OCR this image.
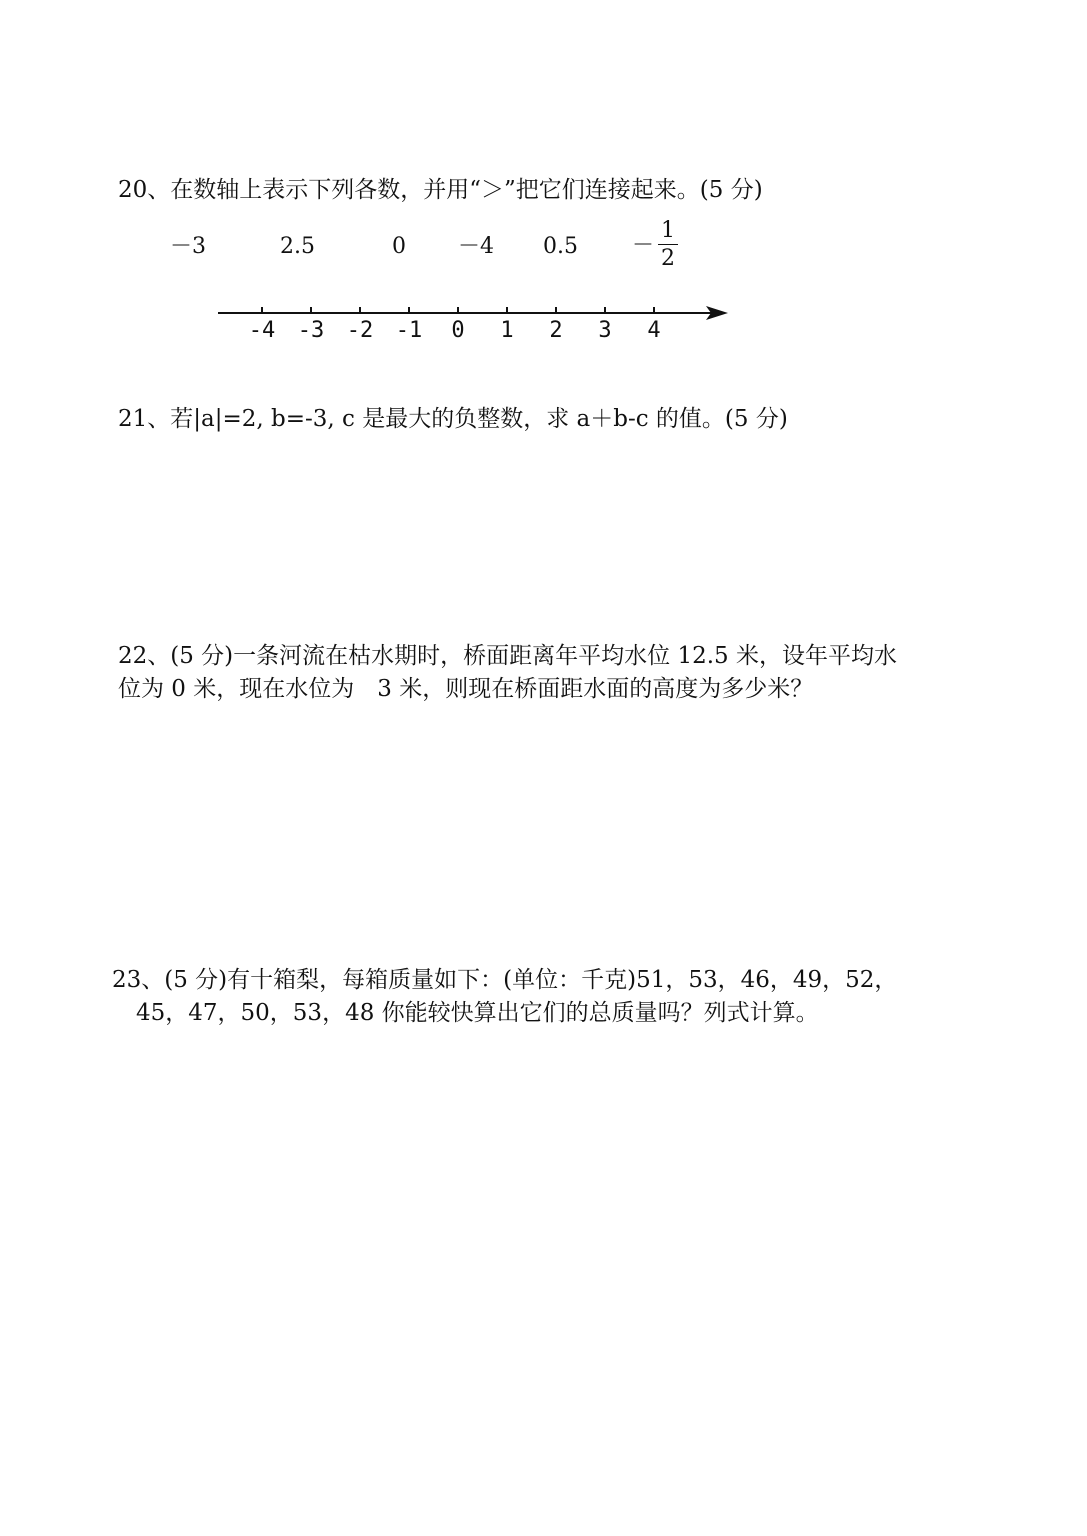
20、在数轴上表示下列各数，并用“＞”把它们连接起来。(5 分)
－3	2.5	0 －4 $0.5 - \frac{1}{2}$
-4 -3 -2 -1 0 1 2 3 4
21、若|a|=2, b=-3, c 是最大的负整数，求 a＋b-c 的值。(5 分)
22、(5 分)一条河流在枯水期时，桥面距离年平均水位 12.5 米，设年平均水
位为 0 米，现在水位为　3 米，则现在桥面距水面的高度为多少米？
23、(5 分)有十箱梨，每箱质量如下：(单位：千克)51，53，46，49，52，
45，47，50，53，48 你能较快算出它们的总质量吗？列式计算。
